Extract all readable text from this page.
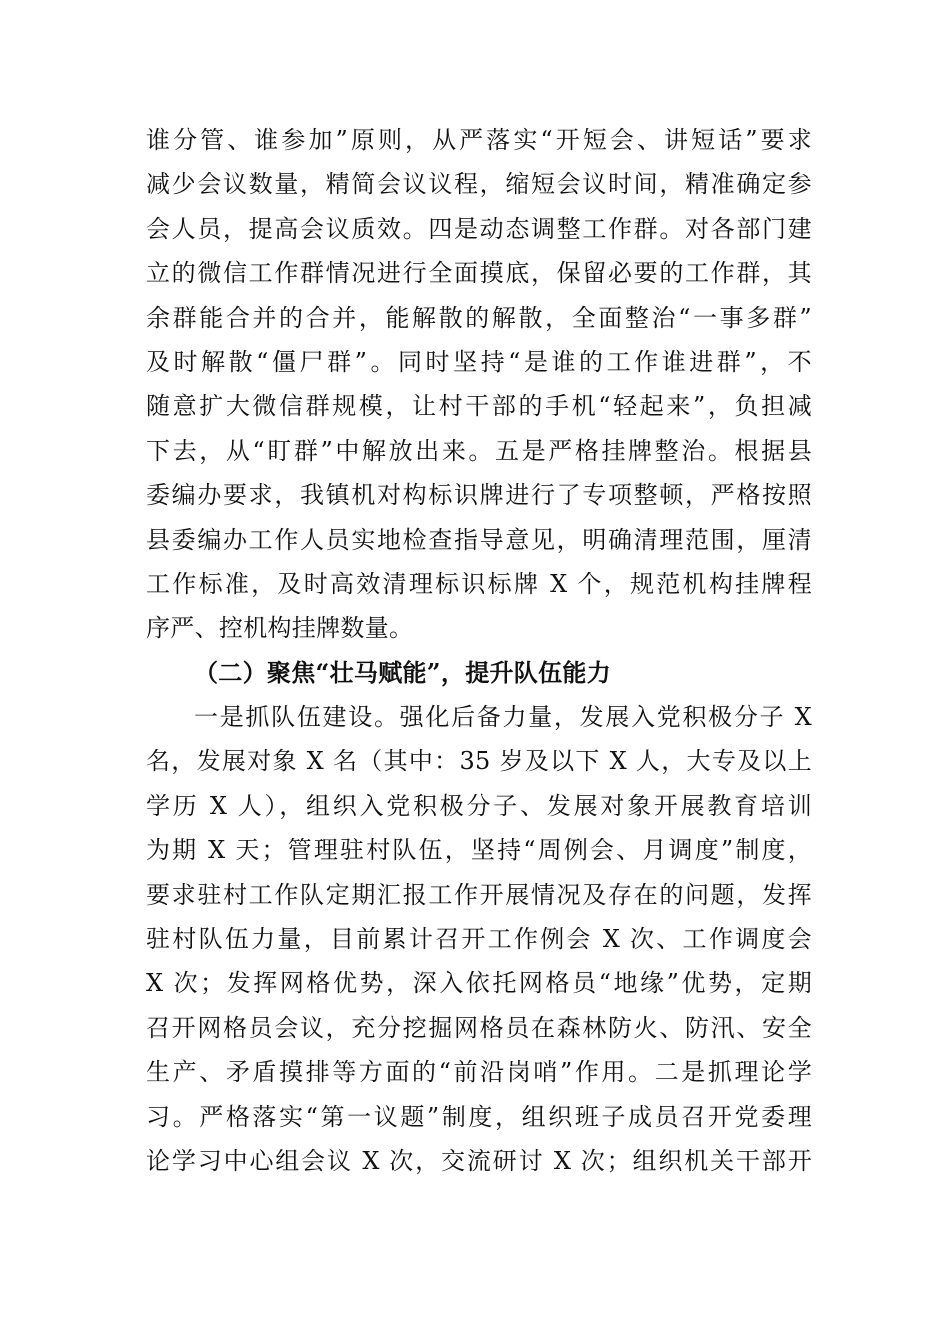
谁分管、谁参加”原则，从严落实“开短会、讲短话”要求
减少会议数量，精简会议议程，缩短会议时间，精准确定参
会人员，提高会议质效。四是动态调整工作群。对各部门建
立的微信工作群情况进行全面摸底，保留必要的工作群，其
余群能合并的合并，能解散的解散，全面整治“一事多群”
及时解散“僵尸群”。同时坚持“是谁的工作谁进群”，不
随意扩大微信群规模，让村干部的手机“轻起来”，负担减
下去，从“盯群”中解放出来。五是严格挂牌整治。根据县
委编办要求，我镇机对构标识牌进行了专项整顿，严格按照
县委编办工作人员实地检查指导意见，明确清理范围，厘清
工作标准，及时高效清理标识标牌 X 个，规范机构挂牌程
序严、控机构挂牌数量。
（二）聚焦“壮马赋能”，提升队伍能力
一是抓队伍建设。强化后备力量，发展入党积极分子 X
名，发展对象 X 名（其中：35 岁及以下 X 人，大专及以上
学历 X 人），组织入党积极分子、发展对象开展教育培训
为期 X 天；管理驻村队伍，坚持“周例会、月调度”制度，
要求驻村工作队定期汇报工作开展情况及存在的问题，发挥
驻村队伍力量，目前累计召开工作例会 X 次、工作调度会
X 次；发挥网格优势，深入依托网格员“地缘”优势，定期
召开网格员会议，充分挖掘网格员在森林防火、防汛、安全
生产、矛盾摸排等方面的“前沿岗哨”作用。二是抓理论学
习。严格落实“第一议题”制度，组织班子成员召开党委理
论学习中心组会议 X 次，交流研讨 X 次；组织机关干部开
